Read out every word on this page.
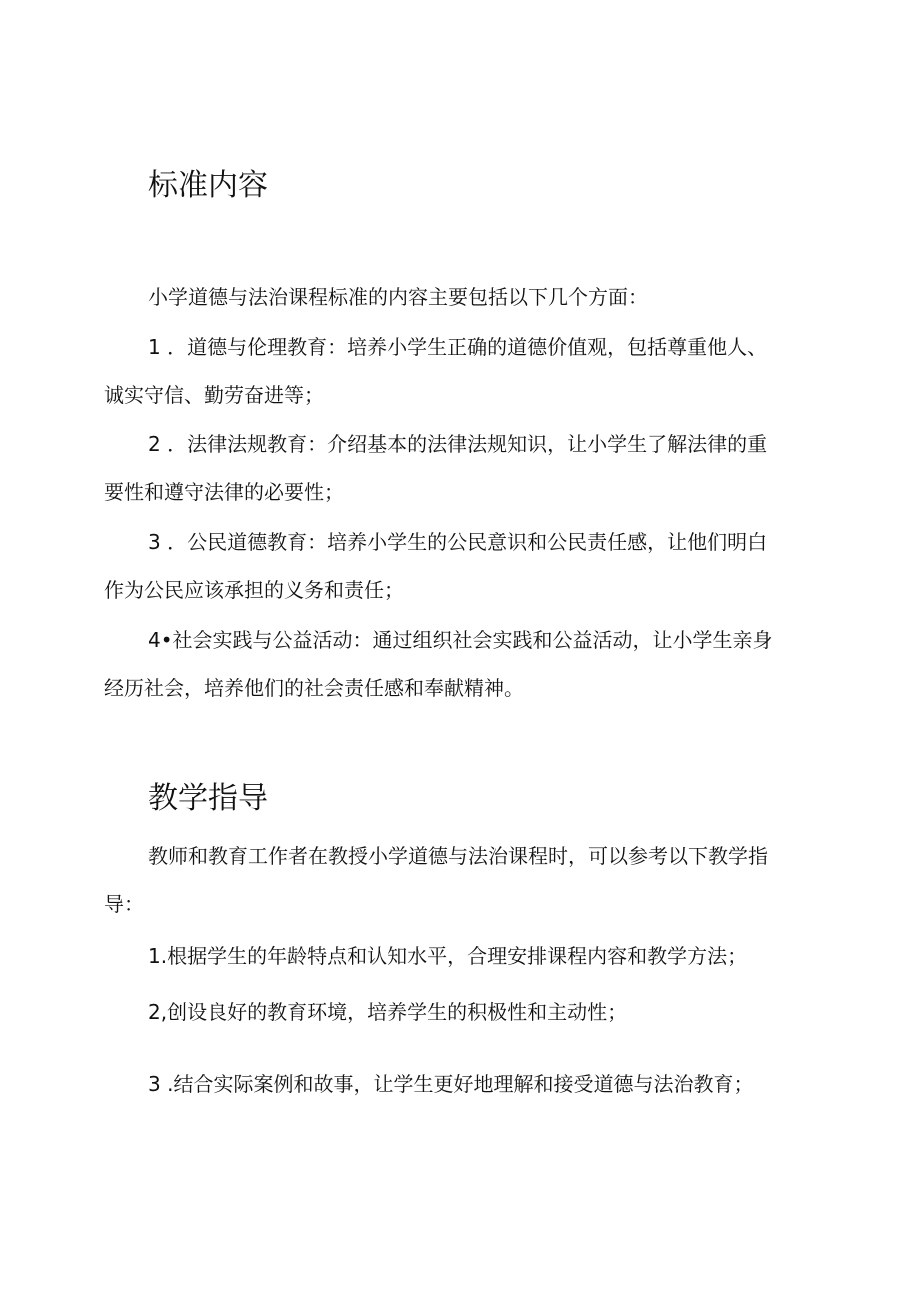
标准内容

小学道德与法治课程标准的内容主要包括以下几个方面：

1 ．道德与伦理教育：培养小学生正确的道德价值观，包括尊重他人、
诚实守信、勤劳奋进等；
2 ．法律法规教育：介绍基本的法律法规知识，让小学生了解法律的重
要性和遵守法律的必要性；
3 ．公民道德教育：培养小学生的公民意识和公民责任感，让他们明白
作为公民应该承担的义务和责任；
4•社会实践与公益活动：通过组织社会实践和公益活动，让小学生亲身
经历社会，培养他们的社会责任感和奉献精神。
教学指导
教师和教育工作者在教授小学道德与法治课程时，可以参考以下教学指
导：

1.根据学生的年龄特点和认知水平，合理安排课程内容和教学方法；

2,创设良好的教育环境，培养学生的积极性和主动性；

3 .结合实际案例和故事，让学生更好地理解和接受道德与法治教育；
